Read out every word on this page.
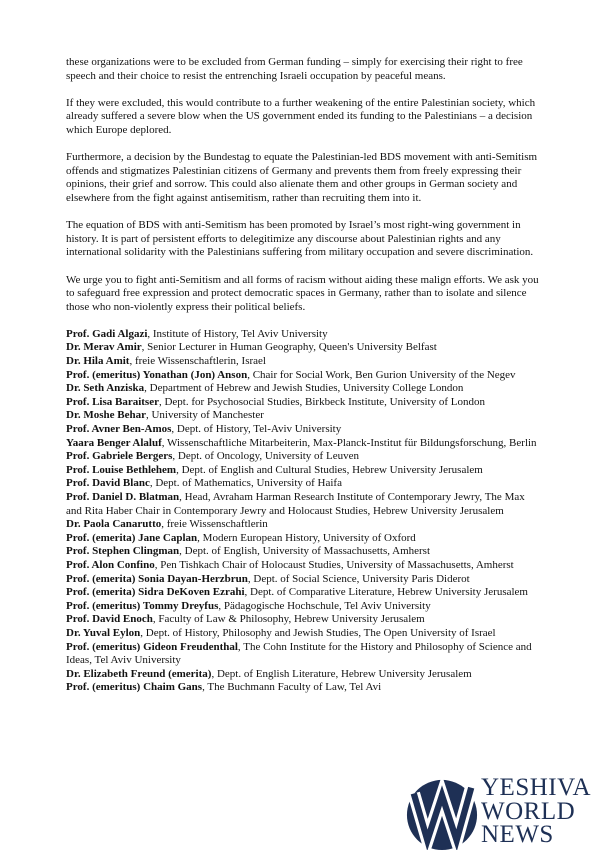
these organizations were to be excluded from German funding – simply for exercising their right to free speech and their choice to resist the entrenching Israeli occupation by peaceful means.

If they were excluded, this would contribute to a further weakening of the entire Palestinian society, which already suffered a severe blow when the US government ended its funding to the Palestinians – a decision which Europe deplored.

Furthermore, a decision by the Bundestag to equate the Palestinian-led BDS movement with anti-Semitism offends and stigmatizes Palestinian citizens of Germany and prevents them from freely expressing their opinions, their grief and sorrow. This could also alienate them and other groups in German society and elsewhere from the fight against antisemitism, rather than recruiting them into it.

The equation of BDS with anti-Semitism has been promoted by Israel’s most right-wing government in history. It is part of persistent efforts to delegitimize any discourse about Palestinian rights and any international solidarity with the Palestinians suffering from military occupation and severe discrimination.

We urge you to fight anti-Semitism and all forms of racism without aiding these malign efforts. We ask you to safeguard free expression and protect democratic spaces in Germany, rather than to isolate and silence those who non-violently express their political beliefs.

Prof. Gadi Algazi, Institute of History, Tel Aviv University
Dr. Merav Amir, Senior Lecturer in Human Geography, Queen's University Belfast
Dr. Hila Amit, freie Wissenschaftlerin, Israel
Prof. (emeritus) Yonathan (Jon) Anson, Chair for Social Work, Ben Gurion University of the Negev
Dr. Seth Anziska, Department of Hebrew and Jewish Studies, University College London
Prof. Lisa Baraitser, Dept. for Psychosocial Studies, Birkbeck Institute, University of London
Dr. Moshe Behar, University of Manchester
Prof. Avner Ben-Amos, Dept. of History, Tel-Aviv University
Yaara Benger Alaluf, Wissenschaftliche Mitarbeiterin, Max-Planck-Institut für Bildungsforschung, Berlin
Prof. Gabriele Bergers, Dept. of Oncology, University of Leuven
Prof. Louise Bethlehem, Dept. of English and Cultural Studies, Hebrew University Jerusalem
Prof. David Blanc, Dept. of Mathematics, University of Haifa
Prof. Daniel D. Blatman, Head, Avraham Harman Research Institute of Contemporary Jewry, The Max and Rita Haber Chair in Contemporary Jewry and Holocaust Studies, Hebrew University Jerusalem
Dr. Paola Canarutto, freie Wissenschaftlerin
Prof. (emerita) Jane Caplan, Modern European History, University of Oxford
Prof. Stephen Clingman, Dept. of English, University of Massachusetts, Amherst
Prof. Alon Confino, Pen Tishkach Chair of Holocaust Studies, University of Massachusetts, Amherst
Prof. (emerita) Sonia Dayan-Herzbrun, Dept. of Social Science, University Paris Diderot
Prof. (emerita) Sidra DeKoven Ezrahi, Dept. of Comparative Literature, Hebrew University Jerusalem
Prof. (emeritus) Tommy Dreyfus, Pädagogische Hochschule, Tel Aviv University
Prof. David Enoch, Faculty of Law & Philosophy, Hebrew University Jerusalem
Dr. Yuval Eylon, Dept. of History, Philosophy and Jewish Studies, The Open University of Israel
Prof. (emeritus) Gideon Freudenthal, The Cohn Institute for the History and Philosophy of Science and Ideas, Tel Aviv University
Dr. Elizabeth Freund (emerita), Dept. of English Literature, Hebrew University Jerusalem
Prof. (emeritus) Chaim Gans, The Buchmann Faculty of Law, Tel Avi
YESHIVA
WORLD
NEWS
